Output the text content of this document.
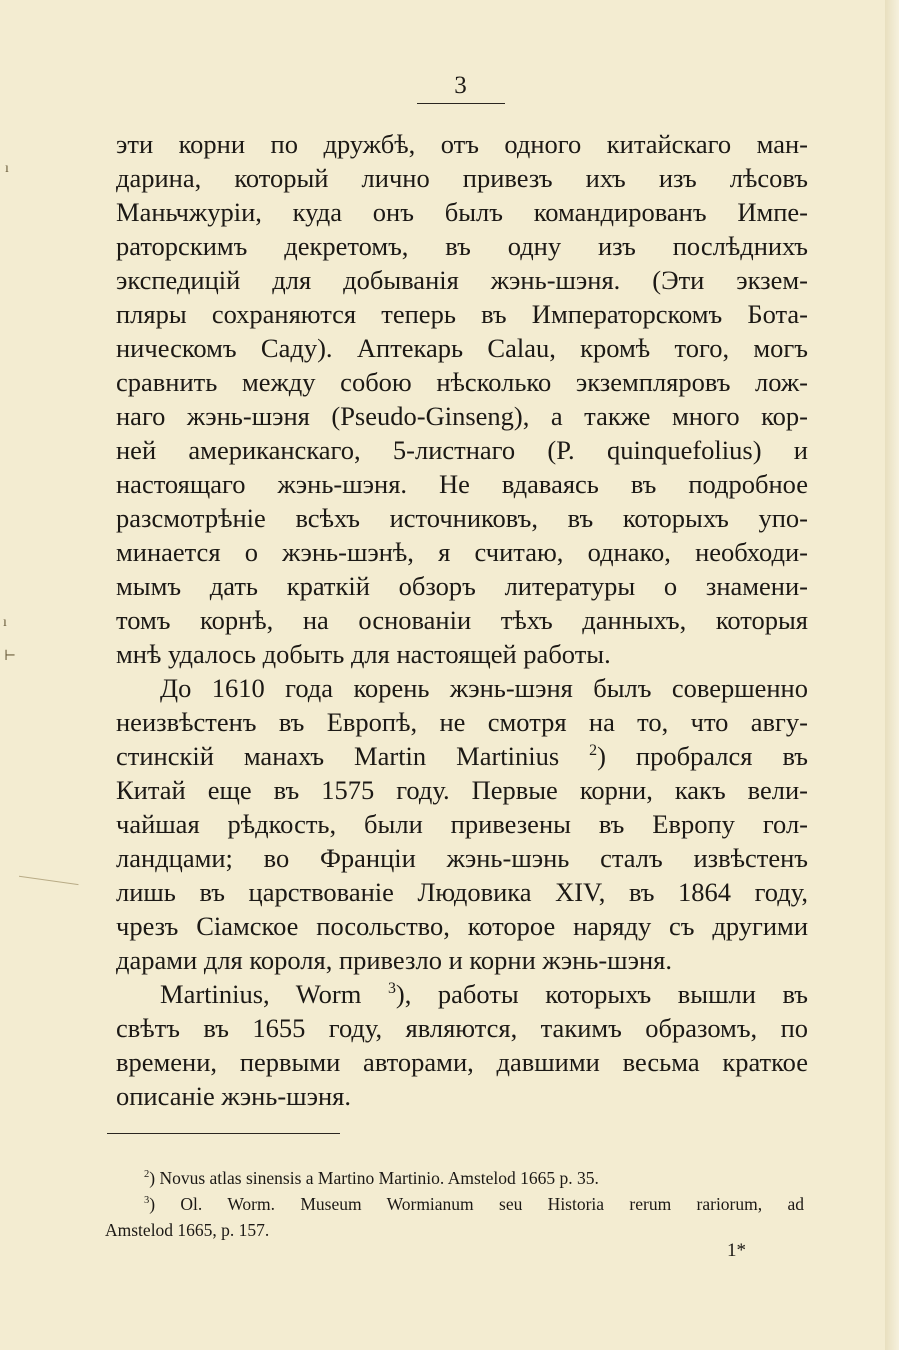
ı
ı
⊢
3
эти корни по дружбѣ, отъ одного китайскаго ман-
дарина, который лично привезъ ихъ изъ лѣсовъ
Маньчжуріи, куда онъ былъ командированъ Импе-
раторскимъ декретомъ, въ одну изъ послѣднихъ
экспедицій для добыванія жэнь-шэня. (Эти экзем-
пляры сохраняются теперь въ Императорскомъ Бота-
ническомъ Саду). Аптекарь Calau, кромѣ того, могъ
сравнить между собою нѣсколько экземпляровъ лож-
наго жэнь-шэня (Pseudo-Ginseng), а также много кор-
ней американскаго, 5-листнаго (P. quinquefolius) и
настоящаго жэнь-шэня. Не вдаваясь въ подробное
разсмотрѣніе всѣхъ источниковъ, въ которыхъ упо-
минается о жэнь-шэнѣ, я считаю, однако, необходи-
мымъ дать краткій обзоръ литературы о знамени-
томъ корнѣ, на основаніи тѣхъ данныхъ, которыя
мнѣ удалось добыть для настоящей работы.
До 1610 года корень жэнь-шэня былъ совершенно
неизвѣстенъ въ Европѣ, не смотря на то, что авгу-
стинскій манахъ Martin Martinius $^2$) пробрался въ
Китай еще въ 1575 году. Первые корни, какъ вели-
чайшая рѣдкость, были привезены въ Европу гол-
ландцами; во Франціи жэнь-шэнь сталъ извѣстенъ
лишь въ царствованіе Людовика XIV, въ 1864 году,
чрезъ Сіамское посольство, которое наряду съ другими
дарами для короля, привезло и корни жэнь-шэня.
Martinius, Worm $^3$), работы которыхъ вышли въ
свѣтъ въ 1655 году, являются, такимъ образомъ, по
времени, первыми авторами, давшими весьма краткое
описаніе жэнь-шэня.
$^2$) Novus atlas sinensis a Martino Martinio. Amstelod 1665 p. 35.
$^3$) Ol. Worm. Museum Wormianum seu Historia rerum rariorum, ad
Amstelod 1665, p. 157.
1*
